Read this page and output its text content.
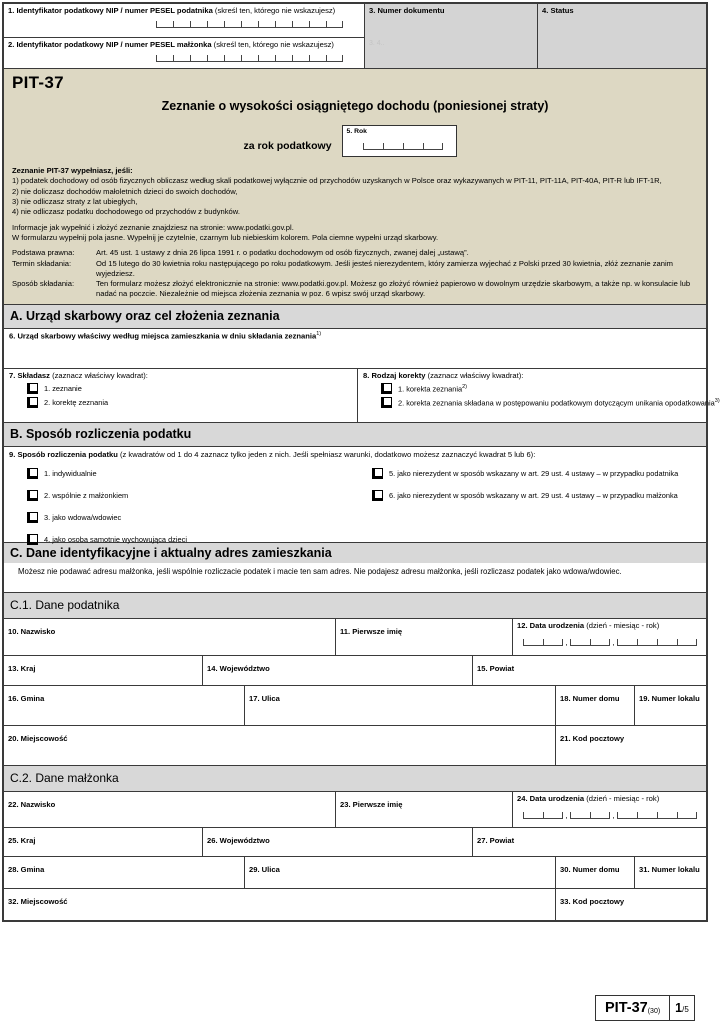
1. Identyfikator podatkowy NIP / numer PESEL podatnika (skreśl ten, którego nie wskazujesz)
2. Identyfikator podatkowy NIP / numer PESEL małżonka (skreśl ten, którego nie wskazujesz)
3. Numer dokumentu
3. 4..
4. Status
PIT-37
Zeznanie o wysokości osiągniętego dochodu (poniesionej straty)
za rok podatkowy
5. Rok
Zeznanie PIT-37 wypełniasz, jeśli:
1) podatek dochodowy od osób fizycznych obliczasz według skali podatkowej wyłącznie od przychodów uzyskanych w Polsce oraz wykazywanych w PIT-11, PIT-11A, PIT-40A, PIT-R lub IFT-1R,
2) nie doliczasz dochodów małoletnich dzieci do swoich dochodów,
3) nie odliczasz straty z lat ubiegłych,
4) nie odliczasz podatku dochodowego od przychodów z budynków.
Informacje jak wypełnić i złożyć zeznanie znajdziesz na stronie: www.podatki.gov.pl.
W formularzu wypełnij pola jasne. Wypełnij je czytelnie, czarnym lub niebieskim kolorem. Pola ciemne wypełni urząd skarbowy.
Podstawa prawna:	Art. 45 ust. 1 ustawy z dnia 26 lipca 1991 r. o podatku dochodowym od osób fizycznych, zwanej dalej „ustawą”.
Termin składania:	Od 15 lutego do 30 kwietnia roku następującego po roku podatkowym. Jeśli jesteś nierezydentem, który zamierza wyjechać z Polski przed 30 kwietnia, złóż zeznanie zanim wyjedziesz.
Sposób składania:	Ten formularz możesz złożyć elektronicznie na stronie: www.podatki.gov.pl. Możesz go złożyć również papierowo w dowolnym urzędzie skarbowym, a także np. w konsulacie lub nadać na poczcie. Niezależnie od miejsca złożenia zeznania w poz. 6 wpisz swój urząd skarbowy.
A. Urząd skarbowy oraz cel złożenia zeznania
6. Urząd skarbowy właściwy według miejsca zamieszkania w dniu składania zeznania$^{1)}$
7. Składasz (zaznacz właściwy kwadrat):
1. zeznanie
2. korektę zeznania
8. Rodzaj korekty (zaznacz właściwy kwadrat):
1. korekta zeznania$^{2)}$
2. korekta zeznania składana w postępowaniu podatkowym dotyczącym unikania opodatkowania$^{3)}$
B. Sposób rozliczenia podatku
9. Sposób rozliczenia podatku (z kwadratów od 1 do 4 zaznacz tylko jeden z nich. Jeśli spełniasz warunki, dodatkowo możesz zaznaczyć kwadrat 5 lub 6):
1. indywidualnie
2. wspólnie z małżonkiem
3. jako wdowa/wdowiec
4. jako osoba samotnie wychowująca dzieci
5. jako nierezydent w sposób wskazany w art. 29 ust. 4 ustawy – w przypadku podatnika
6. jako nierezydent w sposób wskazany w art. 29 ust. 4 ustawy – w przypadku małżonka
C. Dane identyfikacyjne i aktualny adres zamieszkania
Możesz nie podawać adresu małżonka, jeśli wspólnie rozliczacie podatek i macie ten sam adres. Nie podajesz adresu małżonka, jeśli rozliczasz podatek jako wdowa/wdowiec.
C.1. Dane podatnika
10. Nazwisko	11. Pierwsze imię
12. Data urodzenia (dzień - miesiąc - rok)
,
,
13. Kraj	14. Województwo	15. Powiat
16. Gmina	17. Ulica	18. Numer domu	19. Numer lokalu
20. Miejscowość	21. Kod pocztowy
C.2. Dane małżonka
22. Nazwisko	23. Pierwsze imię
24. Data urodzenia (dzień - miesiąc - rok)
,
,
25. Kraj	26. Województwo	27. Powiat
28. Gmina	29. Ulica	30. Numer domu	31. Numer lokalu
32. Miejscowość	33. Kod pocztowy
PIT-37(30)	1/5
